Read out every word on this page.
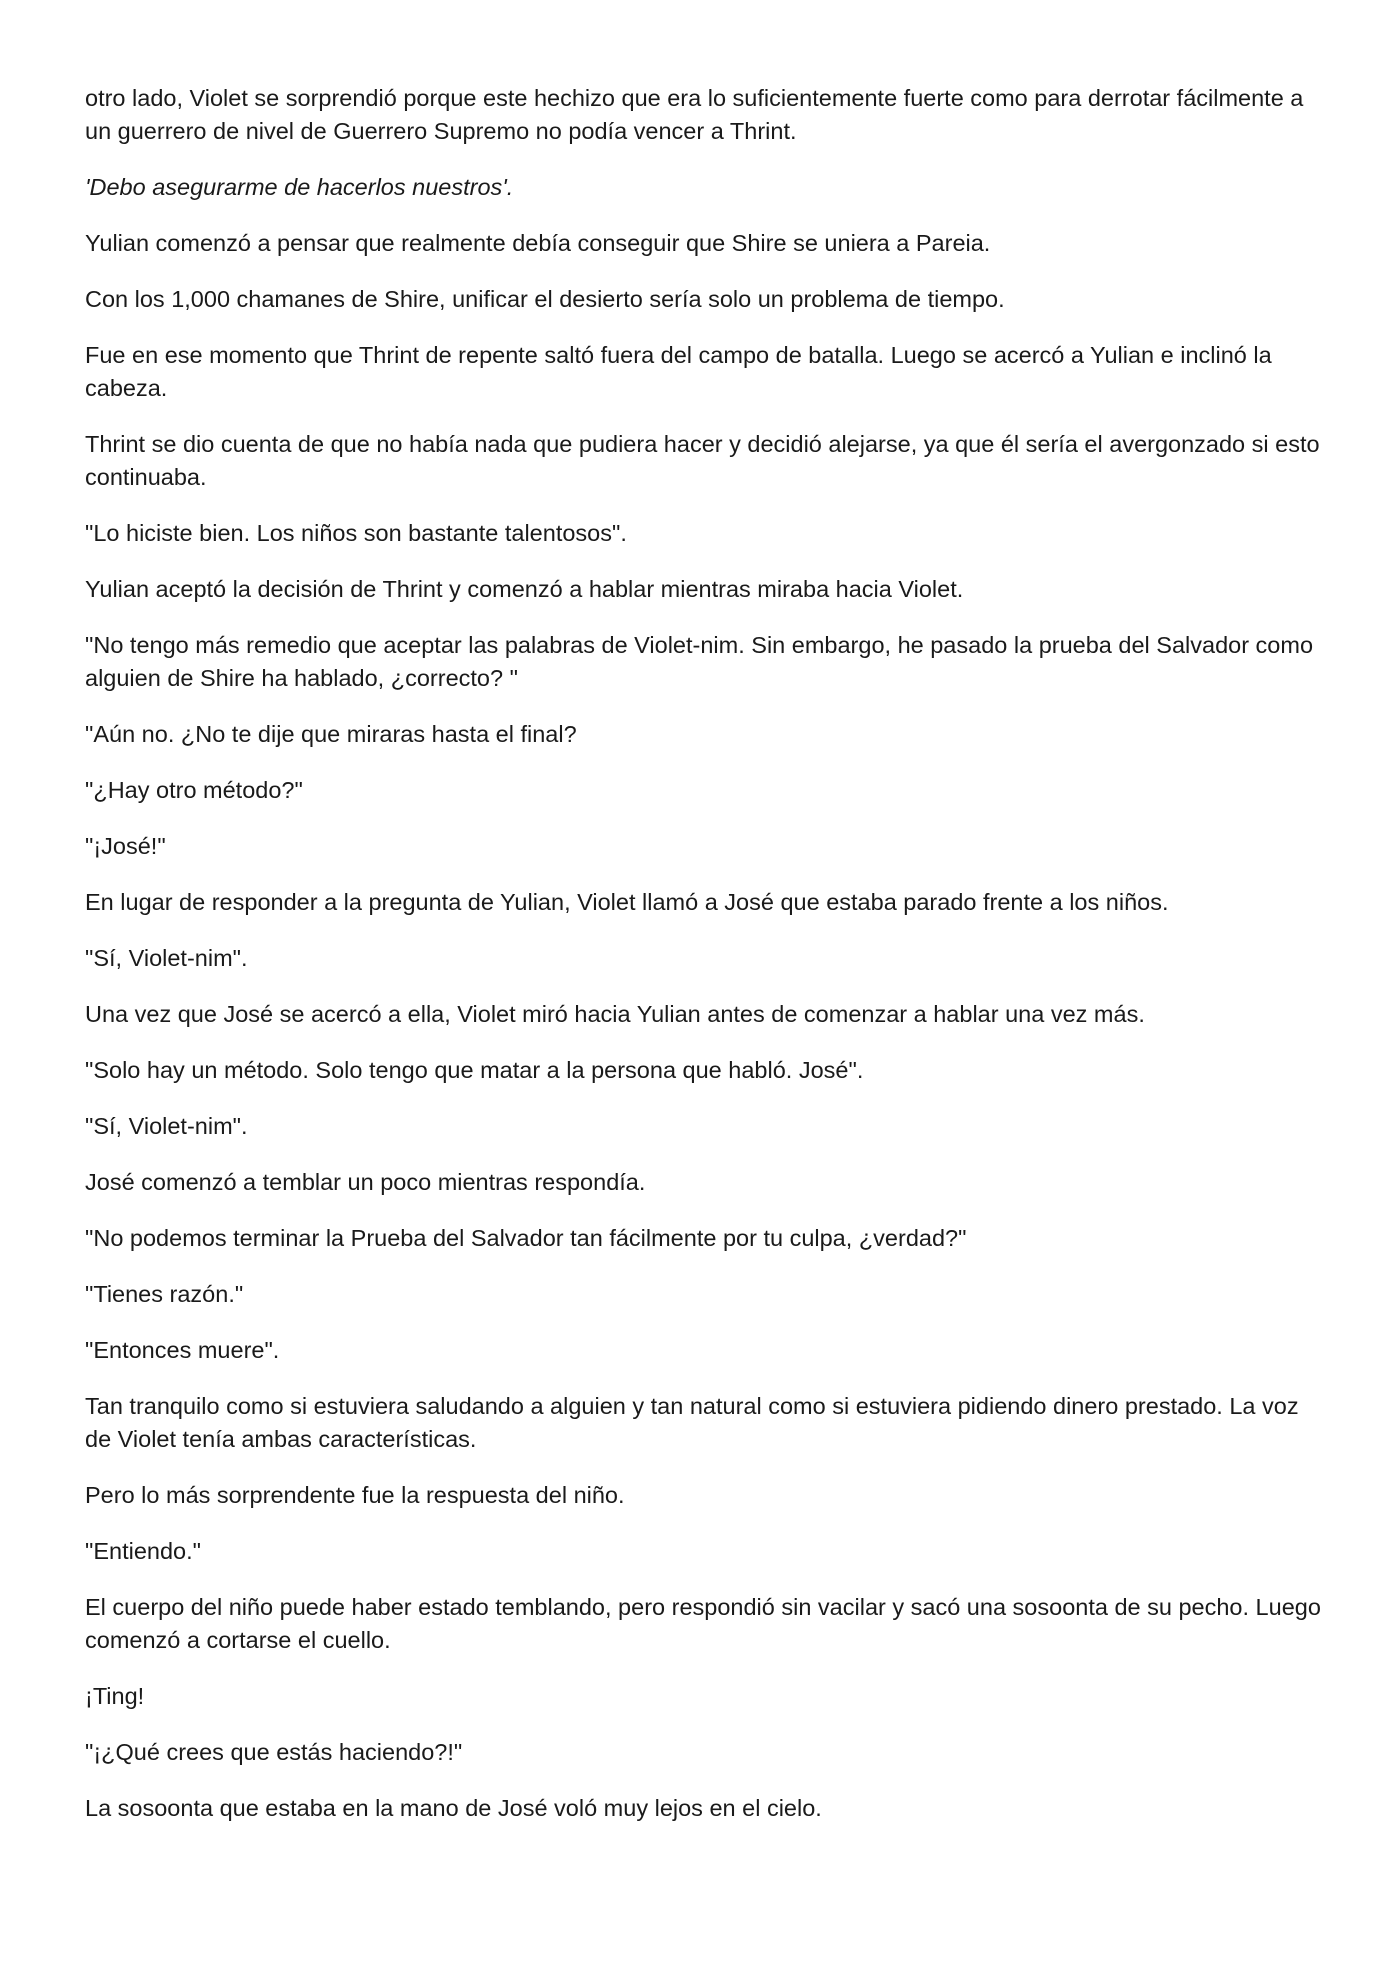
otro lado, Violet se sorprendió porque este hechizo que era lo suficientemente fuerte como para derrotar fácilmente a un guerrero de nivel de Guerrero Supremo no podía vencer a Thrint.

'Debo asegurarme de hacerlos nuestros'.

Yulian comenzó a pensar que realmente debía conseguir que Shire se uniera a Pareia.

Con los 1,000 chamanes de Shire, unificar el desierto sería solo un problema de tiempo.

Fue en ese momento que Thrint de repente saltó fuera del campo de batalla. Luego se acercó a Yulian e inclinó la cabeza.

Thrint se dio cuenta de que no había nada que pudiera hacer y decidió alejarse, ya que él sería el avergonzado si esto continuaba.

"Lo hiciste bien. Los niños son bastante talentosos".

Yulian aceptó la decisión de Thrint y comenzó a hablar mientras miraba hacia Violet.

"No tengo más remedio que aceptar las palabras de Violet-nim. Sin embargo, he pasado la prueba del Salvador como alguien de Shire ha hablado, ¿correcto? "

"Aún no. ¿No te dije que miraras hasta el final?

"¿Hay otro método?"

"¡José!"

En lugar de responder a la pregunta de Yulian, Violet llamó a José que estaba parado frente a los niños.

"Sí, Violet-nim".

Una vez que José se acercó a ella, Violet miró hacia Yulian antes de comenzar a hablar una vez más.

"Solo hay un método. Solo tengo que matar a la persona que habló. José".

"Sí, Violet-nim".

José comenzó a temblar un poco mientras respondía.

"No podemos terminar la Prueba del Salvador tan fácilmente por tu culpa, ¿verdad?"

"Tienes razón."

"Entonces muere".

Tan tranquilo como si estuviera saludando a alguien y tan natural como si estuviera pidiendo dinero prestado. La voz de Violet tenía ambas características.

Pero lo más sorprendente fue la respuesta del niño.

"Entiendo."

El cuerpo del niño puede haber estado temblando, pero respondió sin vacilar y sacó una sosoonta de su pecho. Luego comenzó a cortarse el cuello.

¡Ting!

"¡¿Qué crees que estás haciendo?!"

La sosoonta que estaba en la mano de José voló muy lejos en el cielo.
